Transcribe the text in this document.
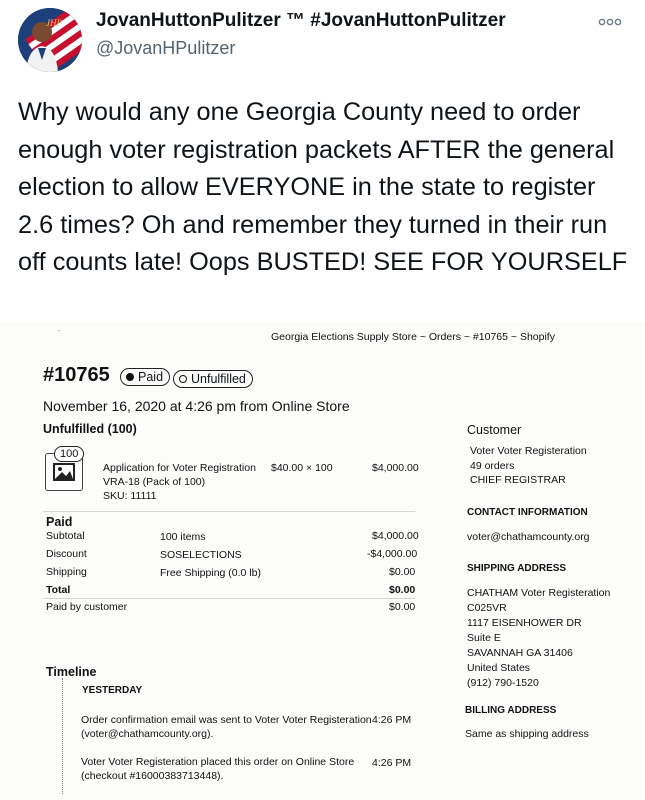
JHP JovanHuttonPulitzer ™ #JovanHuttonPulitzer
@JovanHPulitzer
Why would any one Georgia County need to order enough voter registration packets AFTER the general election to allow EVERYONE in the state to register 2.6 times? Oh and remember they turned in their run off counts late! Oops BUSTED! SEE FOR YOURSELF
Georgia Elections Supply Store ~ Orders ~ #10765 ~ Shopify
-
#10765	Paid	Unfulfilled
November 16, 2020 at 4:26 pm from Online Store
Unfulfilled (100)
100
Application for Voter Registration
VRA-18 (Pack of 100)
SKU: 11111
$40.00 × 100	$4,000.00
Paid
Subtotal	100 items	$4,000.00
Discount	SOSELECTIONS	-$4,000.00
Shipping	Free Shipping (0.0 lb)	$0.00
Total	$0.00
Paid by customer	$0.00
Timeline
YESTERDAY
Order confirmation email was sent to Voter Voter Registeration
(voter@chathamcounty.org).
4:26 PM
Voter Voter Registeration placed this order on Online Store
(checkout #16000383713448).
4:26 PM
Customer
Voter Voter Registeration
49 orders
CHIEF REGISTRAR
CONTACT INFORMATION
voter@chathamcounty.org
SHIPPING ADDRESS
CHATHAM Voter Registeration
C025VR
1117 EISENHOWER DR
Suite E
SAVANNAH GA 31406
United States
(912) 790-1520
BILLING ADDRESS
Same as shipping address
